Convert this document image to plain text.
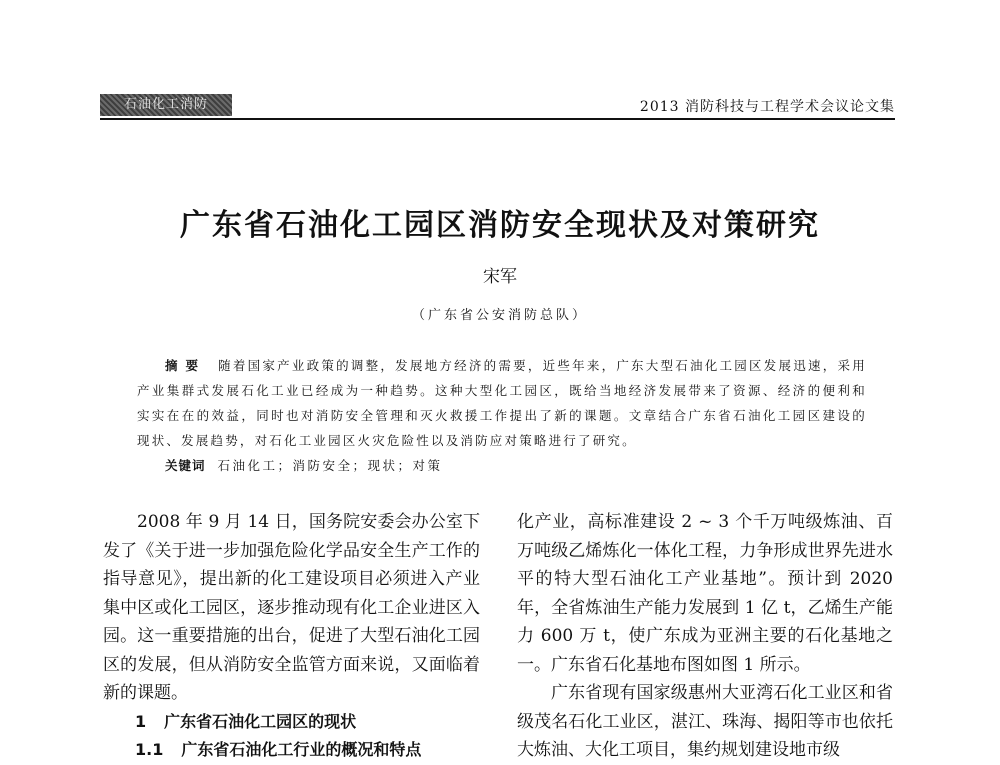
石油化工消防	2013 消防科技与工程学术会议论文集
广东省石油化工园区消防安全现状及对策研究
宋军
（广东省公安消防总队）
摘要 随着国家产业政策的调整，发展地方经济的需要，近些年来，广东大型石油化工园区发展迅速，采用产业集群式发展石化工业已经成为一种趋势。这种大型化工园区，既给当地经济发展带来了资源、经济的便利和实实在在的效益，同时也对消防安全管理和灭火救援工作提出了新的课题。文章结合广东省石油化工园区建设的现状、发展趋势，对石化工业园区火灾危险性以及消防应对策略进行了研究。
关键词 石油化工；消防安全；现状；对策

2008 年 9 月 14 日，国务院安委会办公室下发了《关于进一步加强危险化学品安全生产工作的指导意见》，提出新的化工建设项目必须进入产业集中区或化工园区，逐步推动现有化工企业进区入园。这一重要措施的出台，促进了大型石油化工园区的发展，但从消防安全监管方面来说，又面临着新的课题。

1 广东省石油化工园区的现状

1.1 广东省石油化工行业的概况和特点

化产业，高标准建设 2 ~ 3 个千万吨级炼油、百万吨级乙烯炼化一体化工程，力争形成世界先进水平的特大型石油化工产业基地”。预计到 2020 年，全省炼油生产能力发展到 1 亿 t，乙烯生产能力 600 万 t，使广东成为亚洲主要的石化基地之一。广东省石化基地布图如图 1 所示。

广东省现有国家级惠州大亚湾石化工业区和省级茂名石化工业区，湛江、珠海、揭阳等市也依托大炼油、大化工项目，集约规划建设地市级
